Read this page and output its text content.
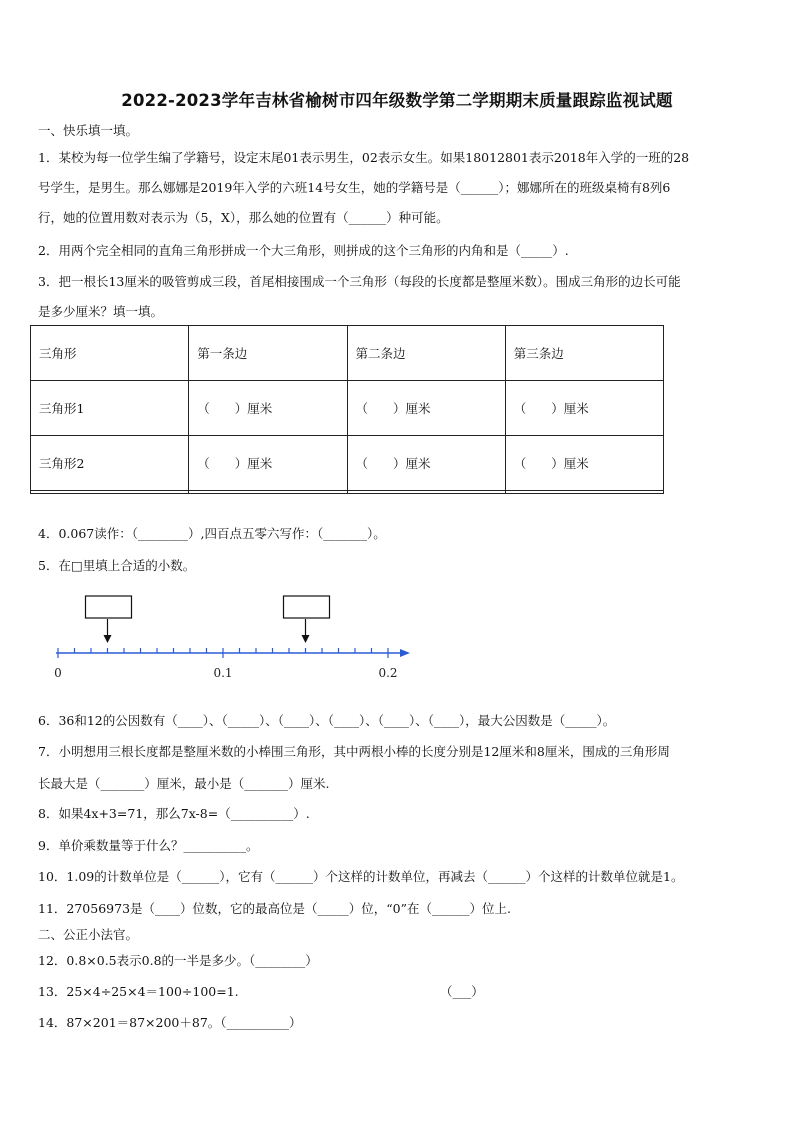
2022-2023学年吉林省榆树市四年级数学第二学期期末质量跟踪监视试题
一、快乐填一填。
1．某校为每一位学生编了学籍号，设定末尾01表示男生，02表示女生。如果18012801表示2018年入学的一班的28
号学生，是男生。那么娜娜是2019年入学的六班14号女生，她的学籍号是（______）；娜娜所在的班级桌椅有8列6
行，她的位置用数对表示为（5，X），那么她的位置有（______）种可能。
2．用两个完全相同的直角三角形拼成一个大三角形，则拼成的这个三角形的内角和是（_____）.
3．把一根长13厘米的吸管剪成三段，首尾相接围成一个三角形（每段的长度都是整厘米数）。围成三角形的边长可能
是多少厘米？填一填。
三角形	第一条边	第二条边	第三条边
三角形1	（　　）厘米	（　　）厘米	（　　）厘米
三角形2	（　　）厘米	（　　）厘米	（　　）厘米

4．0.067读作：（________）,四百点五零六写作：（_______）。
5．在□里填上合适的小数。
0	0.1	0.2
6．36和12的公因数有（____）、（_____）、（____）、（____）、（____）、（____），最大公因数是（_____）。
7．小明想用三根长度都是整厘米数的小棒围三角形，其中两根小棒的长度分别是12厘米和8厘米，围成的三角形周
长最大是（_______）厘米，最小是（_______）厘米.
8．如果4x+3=71，那么7x-8=（__________）.
9．单价乘数量等于什么？__________。
10．1.09的计数单位是（______），它有（______）个这样的计数单位，再减去（______）个这样的计数单位就是1。
11．27056973是（____）位数，它的最高位是（_____）位，“0”在（______）位上.
二、公正小法官。
12．0.8×0.5表示0.8的一半是多少。（________）
13．25×4÷25×4＝100÷100=1.	（___）
14．87×201＝87×200＋87。（__________）
